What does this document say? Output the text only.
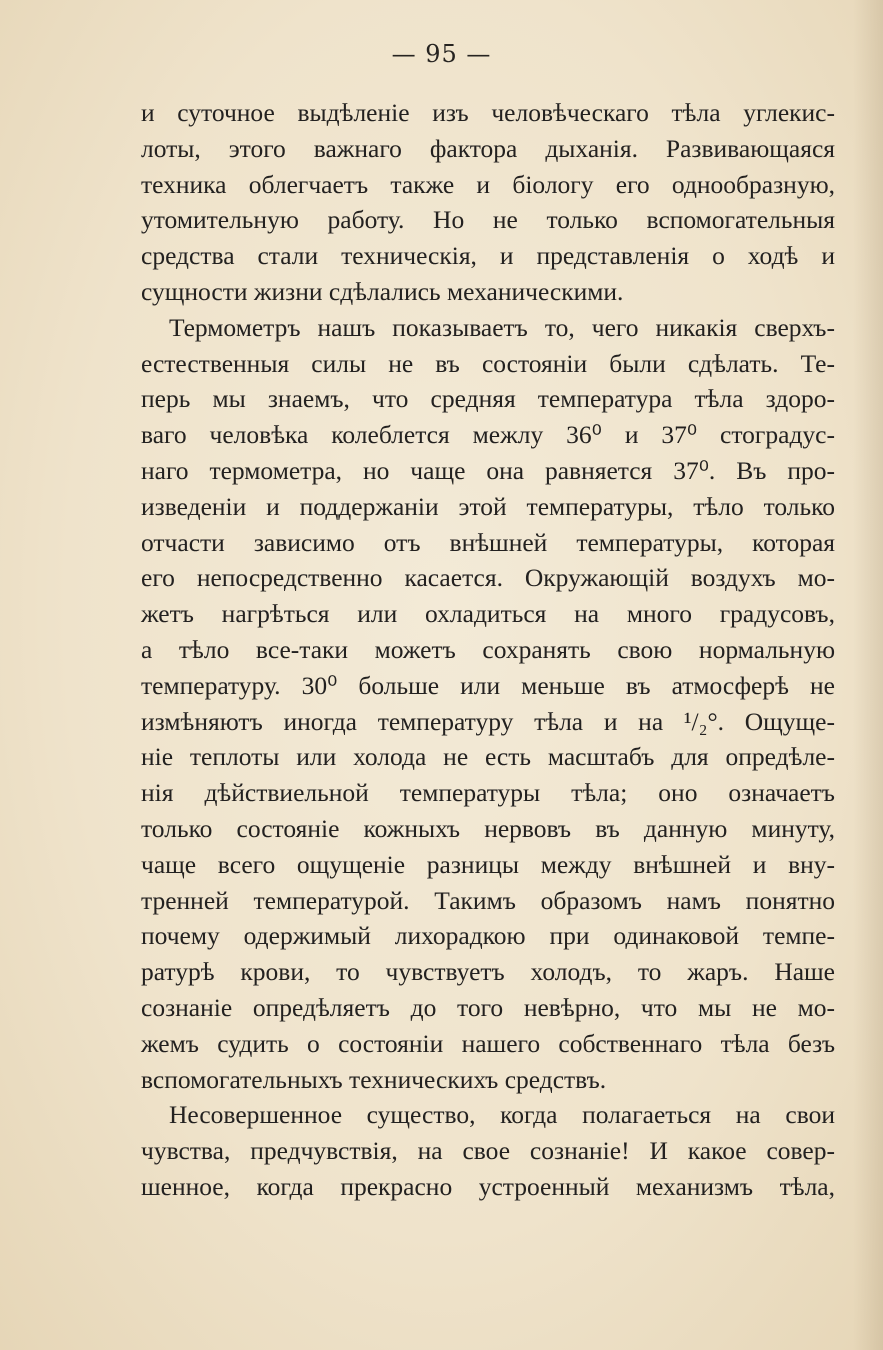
— 95 —
и суточное выдѣленіе изъ человѣческаго тѣла углекис-
лоты, этого важнаго фактора дыханія. Развивающаяся
техника облегчаетъ также и біологу его однообразную,
утомительную работу. Но не только вспомогательныя
средства стали техническія, и представленія о ходѣ и
сущности жизни сдѣлались механическими.
Термометръ нашъ показываетъ то, чего никакія сверхъ-
естественныя силы не въ состояніи были сдѣлать. Те-
перь мы знаемъ, что средняя температура тѣла здоро-
ваго человѣка колеблется межлу 36⁰ и 37⁰ стоградус-
наго термометра, но чаще она равняется 37⁰. Въ про-
изведеніи и поддержаніи этой температуры, тѣло только
отчасти зависимо отъ внѣшней температуры, которая
его непосредственно касается. Окружающій воздухъ мо-
жетъ нагрѣться или охладиться на много градусовъ,
а тѣло все-таки можетъ сохранять свою нормальную
температуру. 30⁰ больше или меньше въ атмосферѣ не
измѣняютъ иногда температуру тѣла и на ¹/₂°. Ощуще-
ніе теплоты или холода не есть масштабъ для опредѣле-
нія дѣйствиельной температуры тѣла; оно означаетъ
только состояніе кожныхъ нервовъ въ данную минуту,
чаще всего ощущеніе разницы между внѣшней и вну-
тренней температурой. Такимъ образомъ намъ понятно
почему одержимый лихорадкою при одинаковой темпе-
ратурѣ крови, то чувствуетъ холодъ, то жаръ. Наше
сознаніе опредѣляетъ до того невѣрно, что мы не мо-
жемъ судить о состояніи нашего собственнаго тѣла безъ
вспомогательныхъ техническихъ средствъ.
Несовершенное существо, когда полагаеться на свои
чувства, предчувствія, на свое сознаніе! И какое совер-
шенное, когда прекрасно устроенный механизмъ тѣла,
